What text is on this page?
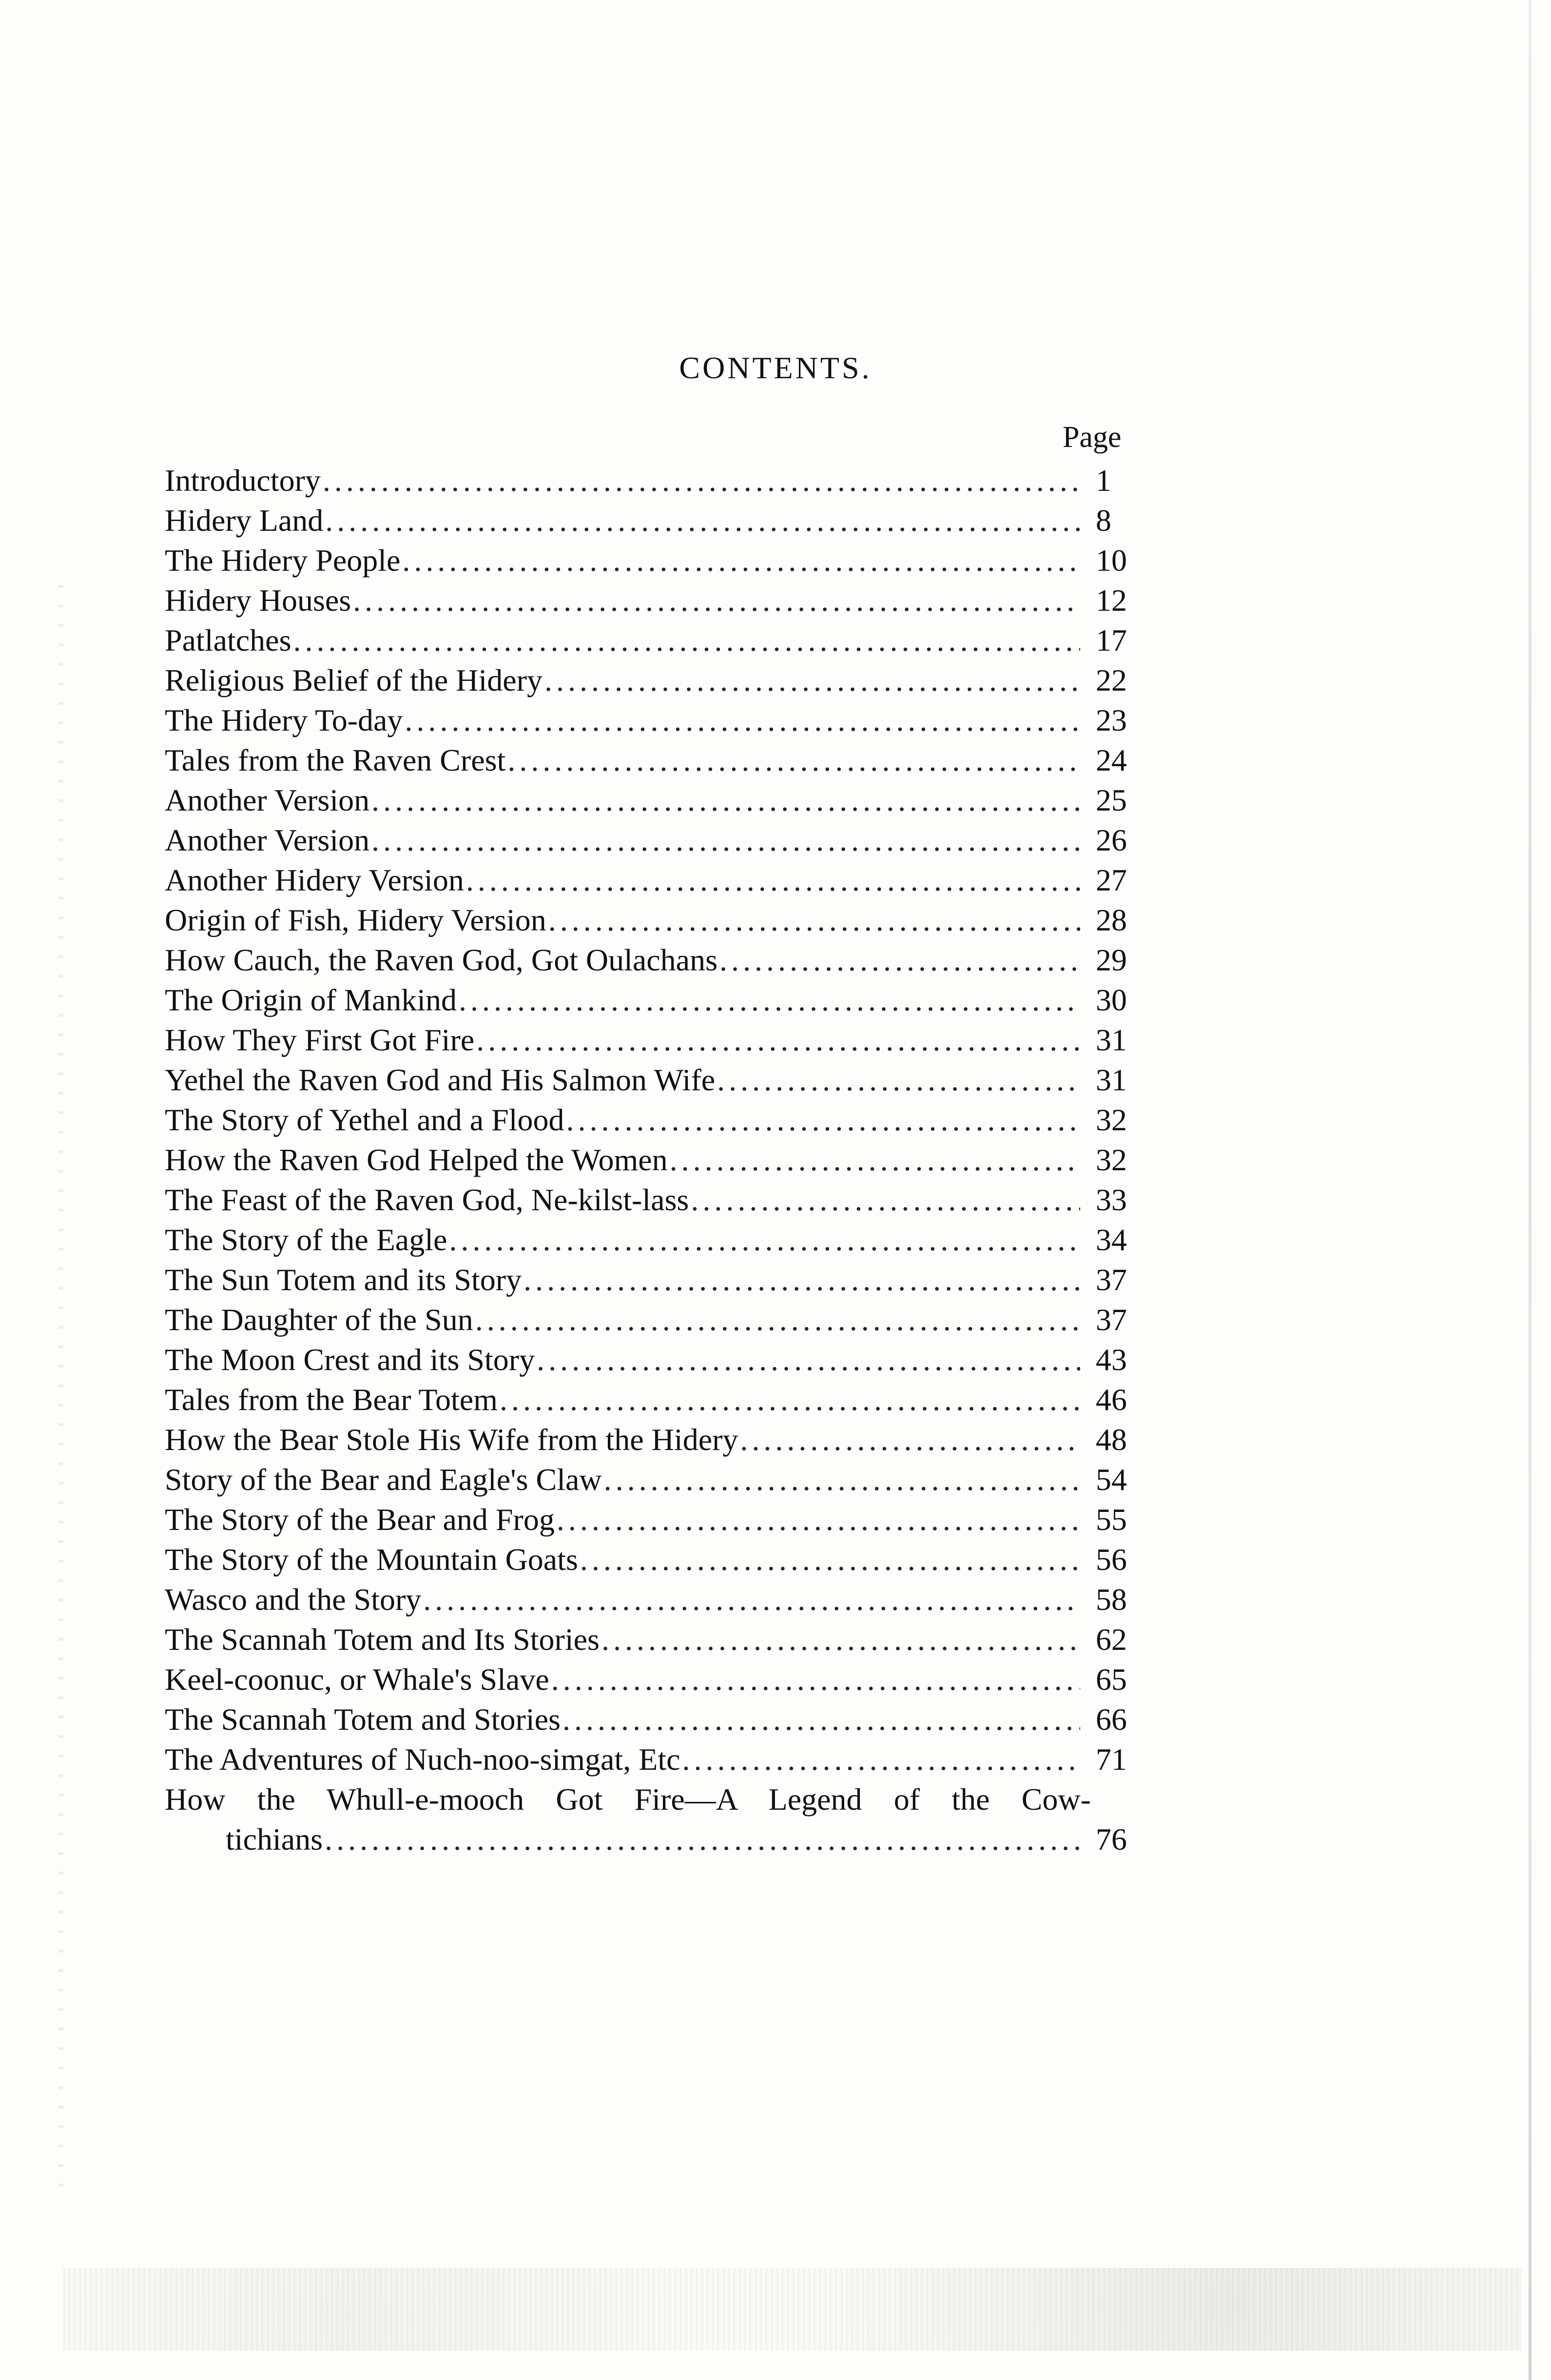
CONTENTS.
Page
Introductory .....	1
Hidery Land .....	8
The Hidery People .....	10
Hidery Houses .....	12
Patlatches .....	17
Religious Belief of the Hidery .....	22
The Hidery To-day .....	23
Tales from the Raven Crest .....	24
Another Version .....	25
Another Version .....	26
Another Hidery Version .....	27
Origin of Fish, Hidery Version .....	28
How Cauch, the Raven God, Got Oulachans .....	29
The Origin of Mankind .....	30
How They First Got Fire .....	31
Yethel the Raven God and His Salmon Wife .....	31
The Story of Yethel and a Flood .....	32
How the Raven God Helped the Women .....	32
The Feast of the Raven God, Ne-kilst-lass .....	33
The Story of the Eagle .....	34
The Sun Totem and its Story .....	37
The Daughter of the Sun .....	37
The Moon Crest and its Story .....	43
Tales from the Bear Totem .....	46
How the Bear Stole His Wife from the Hidery .....	48
Story of the Bear and Eagle's Claw .....	54
The Story of the Bear and Frog .....	55
The Story of the Mountain Goats .....	56
Wasco and the Story .....	58
The Scannah Totem and Its Stories .....	62
Keel-coonuc, or Whale's Slave .....	65
The Scannah Totem and Stories .....	66
The Adventures of Nuch-noo-simgat, Etc .....	71
How the Whull-e-mooch Got Fire—A Legend of the Cow-
tichians .....	76
